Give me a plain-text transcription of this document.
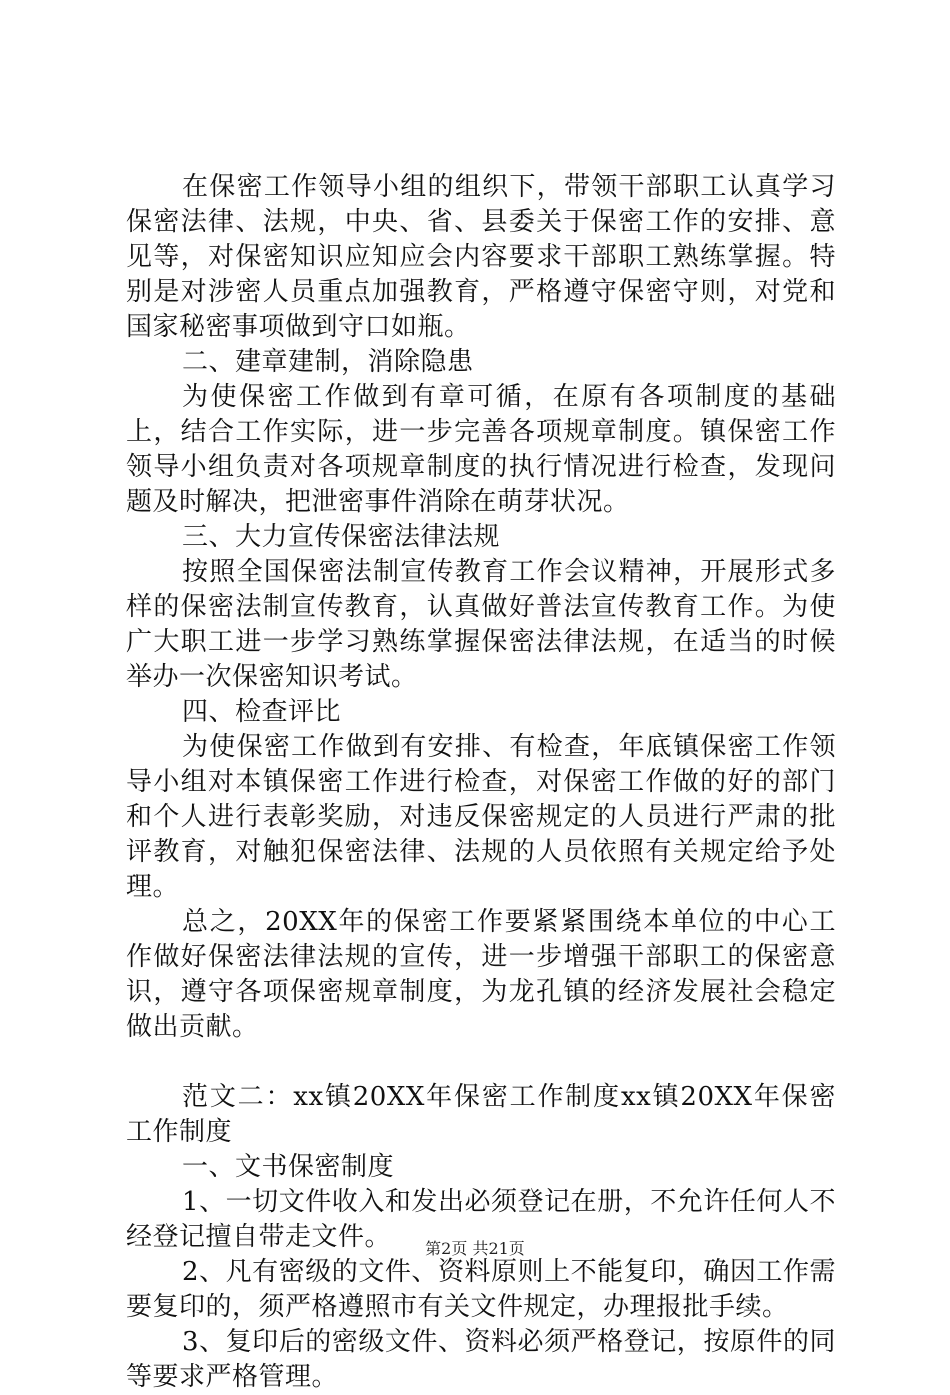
在保密工作领导小组的组织下，带领干部职工认真学习保密法律、法规，中央、省、县委关于保密工作的安排、意见等，对保密知识应知应会内容要求干部职工熟练掌握。特别是对涉密人员重点加强教育，严格遵守保密守则，对党和国家秘密事项做到守口如瓶。

二、建章建制，消除隐患

为使保密工作做到有章可循，在原有各项制度的基础上，结合工作实际，进一步完善各项规章制度。镇保密工作领导小组负责对各项规章制度的执行情况进行检查，发现问题及时解决，把泄密事件消除在萌芽状况。

三、大力宣传保密法律法规

按照全国保密法制宣传教育工作会议精神，开展形式多样的保密法制宣传教育，认真做好普法宣传教育工作。为使广大职工进一步学习熟练掌握保密法律法规，在适当的时候举办一次保密知识考试。

四、检查评比

为使保密工作做到有安排、有检查，年底镇保密工作领导小组对本镇保密工作进行检查，对保密工作做的好的部门和个人进行表彰奖励，对违反保密规定的人员进行严肃的批评教育，对触犯保密法律、法规的人员依照有关规定给予处理。

总之，20XX年的保密工作要紧紧围绕本单位的中心工作做好保密法律法规的宣传，进一步增强干部职工的保密意识，遵守各项保密规章制度，为龙孔镇的经济发展社会稳定做出贡献。

范文二：xx镇20XX年保密工作制度xx镇20XX年保密工作制度

一、文书保密制度

1、一切文件收入和发出必须登记在册，不允许任何人不经登记擅自带走文件。

2、凡有密级的文件、资料原则上不能复印，确因工作需要复印的，须严格遵照市有关文件规定，办理报批手续。

3、复印后的密级文件、资料必须严格登记，按原件的同等要求严格管理。

第2页 共21页
